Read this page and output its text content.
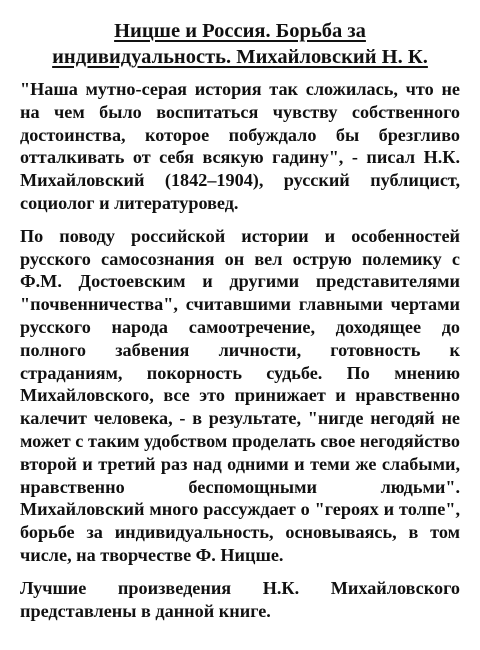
Ницше и Россия. Борьба за
индивидуальность. Михайловский Н. К.

"Наша мутно-серая история так сложилась, что не на чем было воспитаться чувству собственного достоинства, которое побуждало бы брезгливо отталкивать от себя всякую гадину", - писал Н.К. Михайловский (1842–1904), русский публицист, социолог и литературовед.

По поводу российской истории и особенностей русского самосознания он вел острую полемику с Ф.М. Достоевским и другими представителями "почвенничества", считавшими главными чертами русского народа самоотречение, доходящее до полного забвения личности, готовность к страданиям, покорность судьбе. По мнению Михайловского, все это принижает и нравственно калечит человека, - в результате, "нигде негодяй не может с таким удобством проделать свое негодяйство второй и третий раз над одними и теми же слабыми, нравственно беспомощными людьми". Михайловский много рассуждает о "героях и толпе", борьбе за индивидуальность, основываясь, в том числе, на творчестве Ф. Ницше.

Лучшие произведения Н.К. Михайловского представлены в данной книге.
